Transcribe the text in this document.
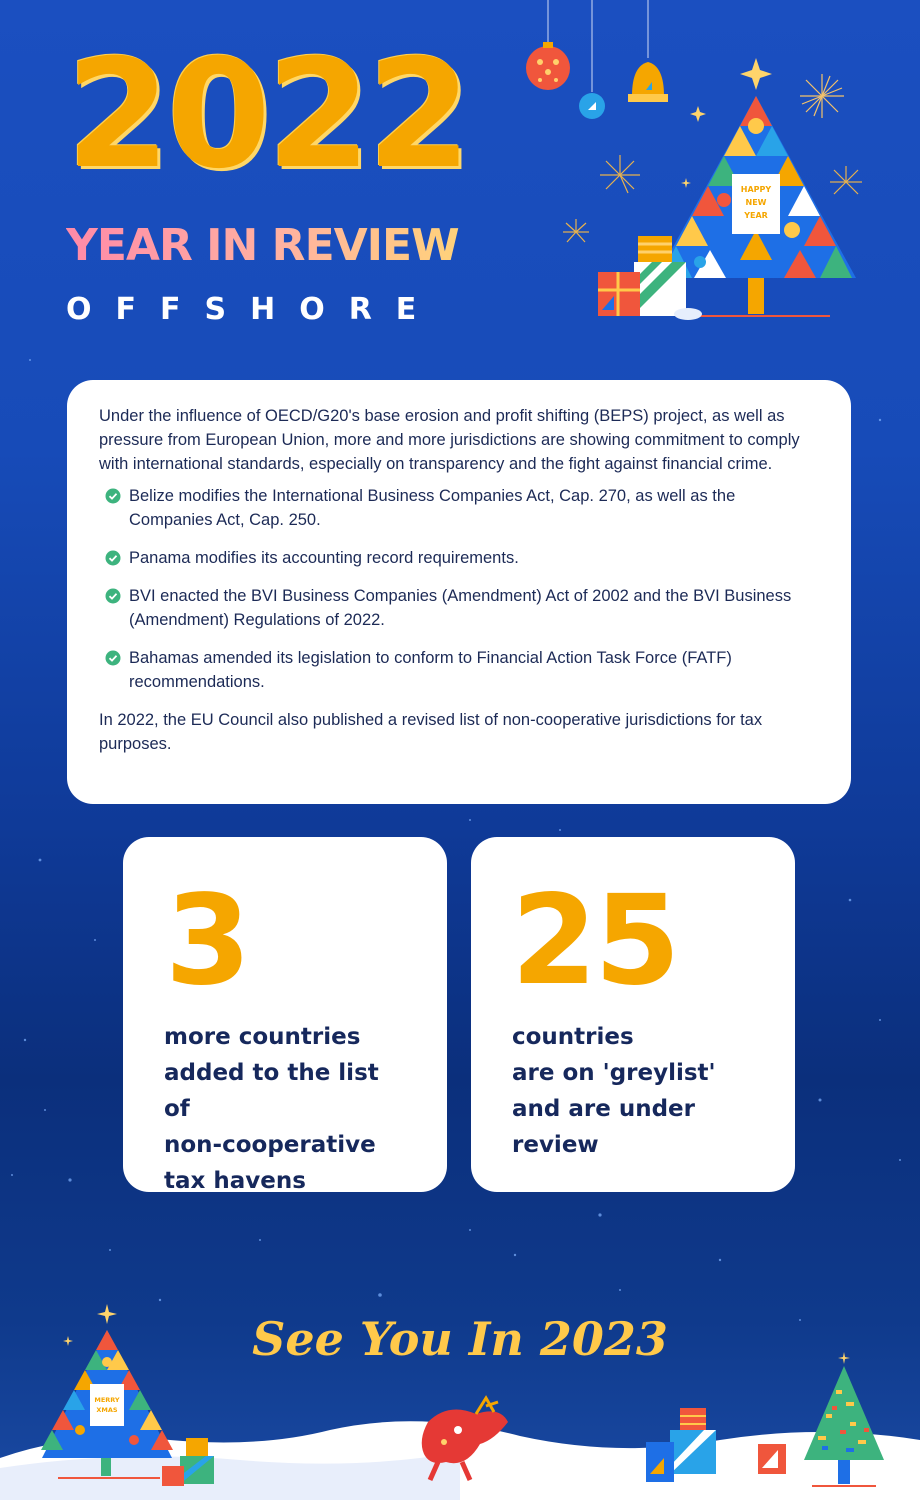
2022
YEAR IN REVIEW
OFFSHORE
HAPPY
NEW
YEAR

Under the influence of OECD/G20's base erosion and profit shifting (BEPS) project, as well as pressure from European Union, more and more jurisdictions are showing commitment to comply with international standards, especially on transparency and the fight against financial crime.

Belize modifies the International Business Companies Act, Cap. 270, as well as the Companies Act, Cap. 250.
Panama modifies its accounting record requirements.
BVI enacted the BVI Business Companies (Amendment) Act of 2002 and the BVI Business (Amendment) Regulations of 2022.
Bahamas amended its legislation to conform to Financial Action Task Force (FATF) recommendations.

In 2022, the EU Council also published a revised list of non-cooperative jurisdictions for tax purposes.

3
more countries
added to the list of
non-cooperative
tax havens
25
countries
are on 'greylist'
and are under
review
MERRY
XMAS

See You In 2023
